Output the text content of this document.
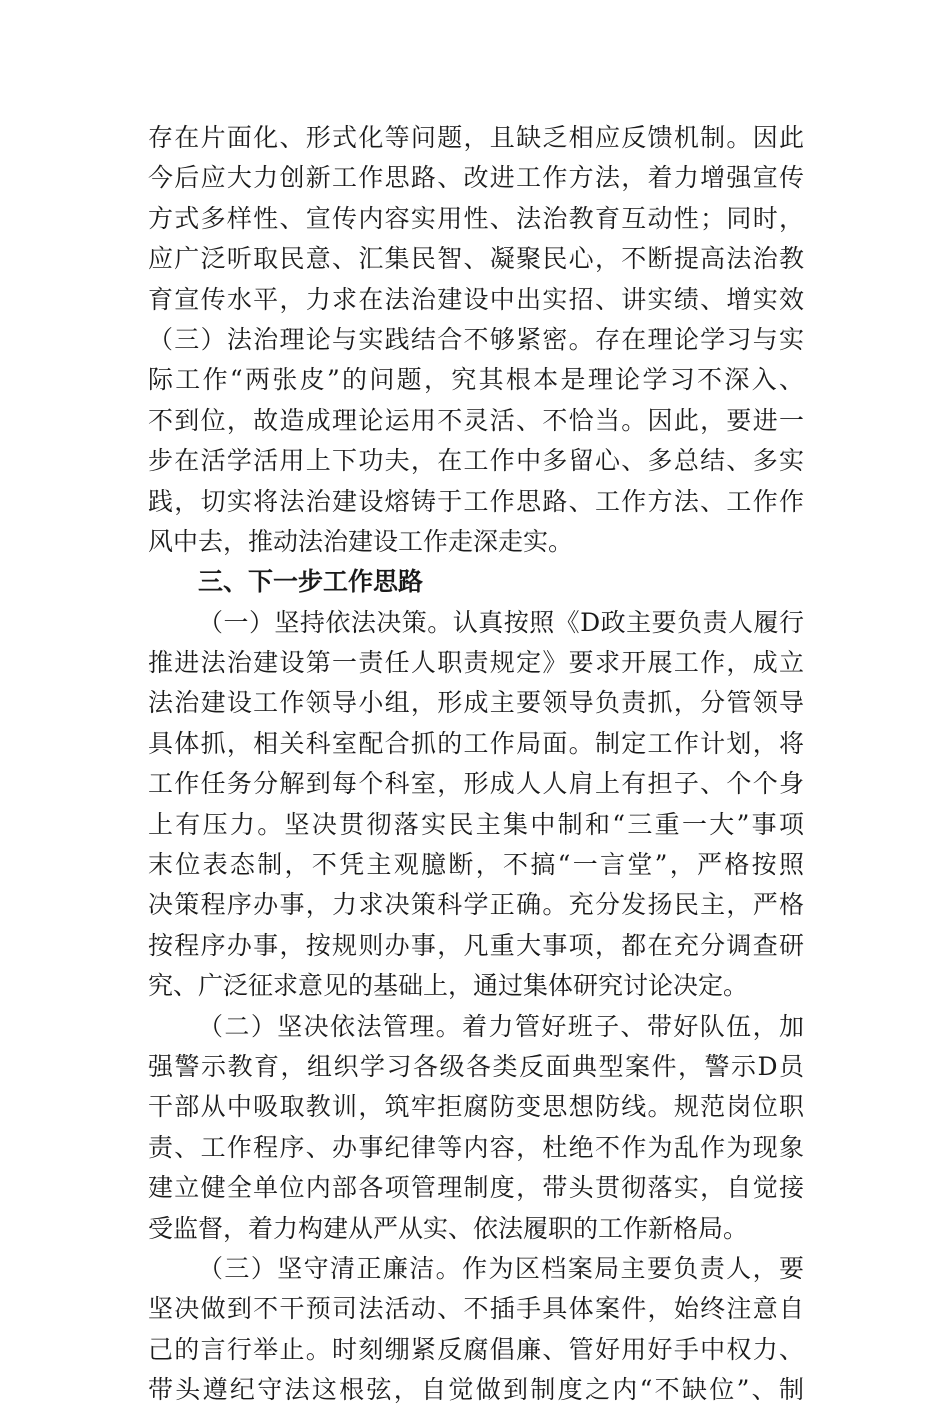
存在片面化、形式化等问题，且缺乏相应反馈机制。因此
今后应大力创新工作思路、改进工作方法，着力增强宣传
方式多样性、宣传内容实用性、法治教育互动性；同时，
应广泛听取民意、汇集民智、凝聚民心，不断提高法治教
育宣传水平，力求在法治建设中出实招、讲实绩、增实效
（三）法治理论与实践结合不够紧密。存在理论学习与实
际工作“两张皮”的问题，究其根本是理论学习不深入、
不到位，故造成理论运用不灵活、不恰当。因此，要进一
步在活学活用上下功夫，在工作中多留心、多总结、多实
践，切实将法治建设熔铸于工作思路、工作方法、工作作
风中去，推动法治建设工作走深走实。
三、下一步工作思路
（一）坚持依法决策。认真按照《D政主要负责人履行
推进法治建设第一责任人职责规定》要求开展工作，成立
法治建设工作领导小组，形成主要领导负责抓，分管领导
具体抓，相关科室配合抓的工作局面。制定工作计划，将
工作任务分解到每个科室，形成人人肩上有担子、个个身
上有压力。坚决贯彻落实民主集中制和“三重一大”事项
末位表态制，不凭主观臆断，不搞“一言堂”，严格按照
决策程序办事，力求决策科学正确。充分发扬民主，严格
按程序办事，按规则办事，凡重大事项，都在充分调查研
究、广泛征求意见的基础上，通过集体研究讨论决定。
（二）坚决依法管理。着力管好班子、带好队伍，加
强警示教育，组织学习各级各类反面典型案件，警示D员
干部从中吸取教训，筑牢拒腐防变思想防线。规范岗位职
责、工作程序、办事纪律等内容，杜绝不作为乱作为现象
建立健全单位内部各项管理制度，带头贯彻落实，自觉接
受监督，着力构建从严从实、依法履职的工作新格局。
（三）坚守清正廉洁。作为区档案局主要负责人，要
坚决做到不干预司法活动、不插手具体案件，始终注意自
己的言行举止。时刻绷紧反腐倡廉、管好用好手中权力、
带头遵纪守法这根弦，自觉做到制度之内“不缺位”、制
